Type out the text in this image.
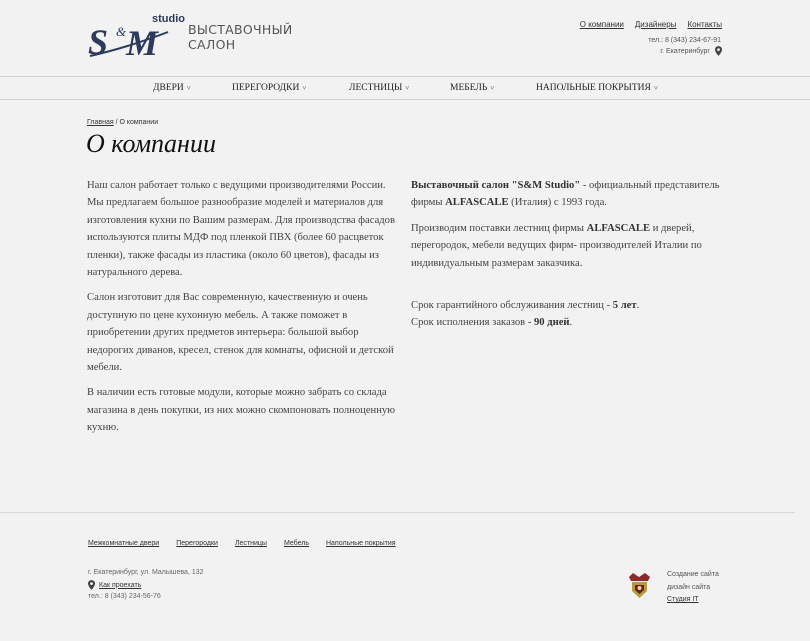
studio
S & M ВЫСТАВОЧНЫЙ
САЛОН
О компании Дизайнеры Контакты
тел.: 8 (343) 234-67-91
г. Екатеринбург
ДВЕРИ ˅	ПЕРЕГОРОДКИ ˅	ЛЕСТНИЦЫ ˅	МЕБЕЛЬ ˅	НАПОЛЬНЫЕ ПОКРЫТИЯ ˅
Главная / О компании
О компании

Наш салон работает только с ведущими производителями России. Мы предлагаем большое разнообразие моделей и материалов для изготовления кухни по Вашим размерам. Для производства фасадов используются плиты МДФ под пленкой ПВХ (более 60 расцветок пленки), также фасады из пластика (около 60 цветов), фасады из натурального дерева.

Салон изготовит для Вас современную, качественную и очень доступную по цене кухонную мебель. А также поможет в приобретении других предметов интерьера: большой выбор недорогих диванов, кресел, стенок для комнаты, офисной и детской мебели.

В наличии есть готовые модули, которые можно забрать со склада магазина в день покупки, из них можно скомпоновать полноценную кухню.

Выставочный салон "S&M Studio" - официальный представитель фирмы ALFASCALE (Италия) с 1993 года.

Производим поставки лестниц фирмы ALFASCALE и дверей, перегородок, мебели ведущих фирм- производителей Италии по индивидуальным размерам заказчика.

Срок гарантийного обслуживания лестниц - 5 лет.
Срок исполнения заказов - 90 дней.
Межкомнатные двери Перегородки Лестницы Мебель Напольные покрытия
г. Екатеринбург, ул. Малышева, 132
Как проехать
тел.: 8 (343) 234-56-76
Создание сайта
дизайн сайта
Студия IT
